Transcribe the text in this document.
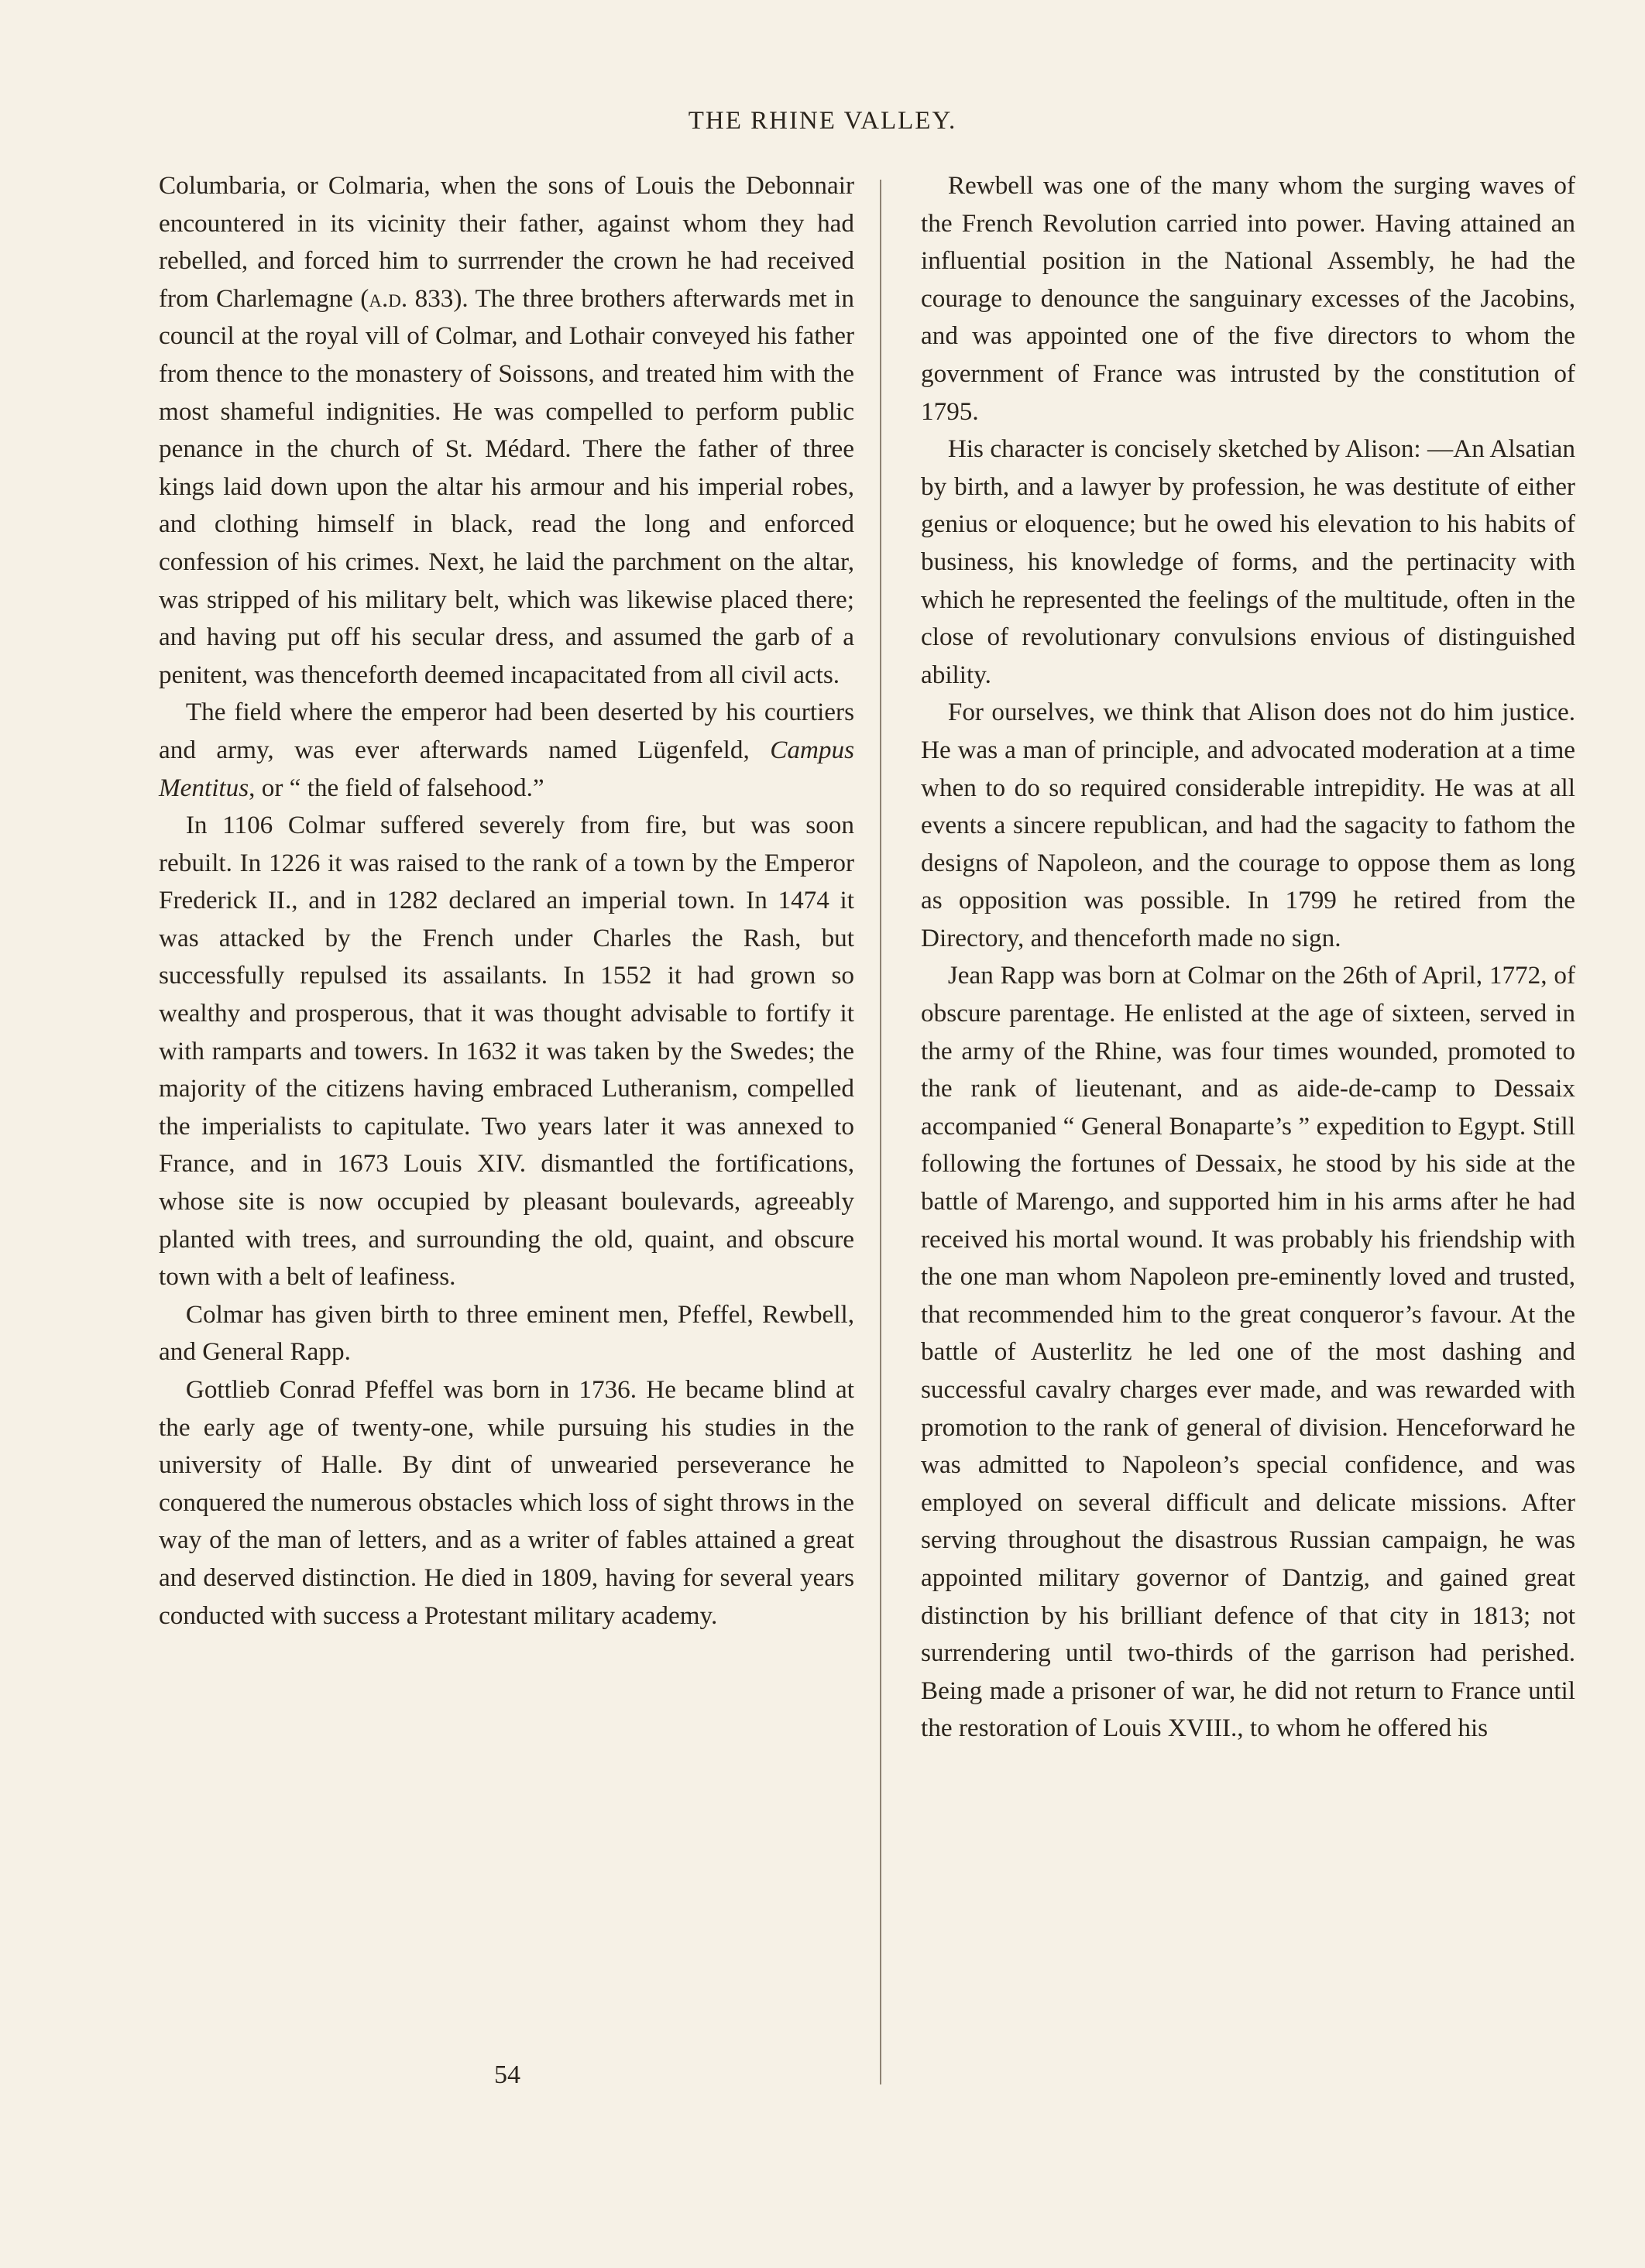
THE RHINE VALLEY.

Columbaria, or Colmaria, when the sons of Louis the Debonnair encountered in its vicinity their father, against whom they had rebelled, and forced him to surrrender the crown he had received from Charlemagne (a.d. 833). The three brothers afterwards met in council at the royal vill of Colmar, and Lothair conveyed his father from thence to the monastery of Soissons, and treated him with the most shameful indignities. He was compelled to perform public penance in the church of St. Médard. There the father of three kings laid down upon the altar his armour and his imperial robes, and clothing himself in black, read the long and enforced confession of his crimes. Next, he laid the parchment on the altar, was stripped of his military belt, which was likewise placed there; and having put off his secular dress, and assumed the garb of a penitent, was thenceforth deemed incapacitated from all civil acts.

The field where the emperor had been deserted by his courtiers and army, was ever afterwards named Lügenfeld, Campus Mentitus, or “ the field of falsehood.”

In 1106 Colmar suffered severely from fire, but was soon rebuilt. In 1226 it was raised to the rank of a town by the Emperor Frederick II., and in 1282 declared an imperial town. In 1474 it was attacked by the French under Charles the Rash, but successfully repulsed its assailants. In 1552 it had grown so wealthy and prosperous, that it was thought advisable to fortify it with ramparts and towers. In 1632 it was taken by the Swedes; the majority of the citizens having embraced Lutheranism, compelled the imperialists to capitulate. Two years later it was annexed to France, and in 1673 Louis XIV. dismantled the fortifications, whose site is now occupied by pleasant boulevards, agreeably planted with trees, and surrounding the old, quaint, and obscure town with a belt of leafiness.

Colmar has given birth to three eminent men, Pfeffel, Rewbell, and General Rapp.

Gottlieb Conrad Pfeffel was born in 1736. He became blind at the early age of twenty-one, while pursuing his studies in the university of Halle. By dint of unwearied perseverance he conquered the numerous obstacles which loss of sight throws in the way of the man of letters, and as a writer of fables attained a great and deserved distinction. He died in 1809, having for several years conducted with success a Protestant military academy.

Rewbell was one of the many whom the surging waves of the French Revolution carried into power. Having attained an influential position in the National Assembly, he had the courage to denounce the sanguinary excesses of the Jacobins, and was appointed one of the five directors to whom the government of France was intrusted by the constitution of 1795.

His character is concisely sketched by Alison: —An Alsatian by birth, and a lawyer by profession, he was destitute of either genius or eloquence; but he owed his elevation to his habits of business, his knowledge of forms, and the pertinacity with which he represented the feelings of the multitude, often in the close of revolutionary convulsions envious of distinguished ability.

For ourselves, we think that Alison does not do him justice. He was a man of principle, and advocated moderation at a time when to do so required considerable intrepidity. He was at all events a sincere republican, and had the sagacity to fathom the designs of Napoleon, and the courage to oppose them as long as opposition was possible. In 1799 he retired from the Directory, and thenceforth made no sign.

Jean Rapp was born at Colmar on the 26th of April, 1772, of obscure parentage. He enlisted at the age of sixteen, served in the army of the Rhine, was four times wounded, promoted to the rank of lieutenant, and as aide-de-camp to Dessaix accompanied “ General Bonaparte’s ” expedition to Egypt. Still following the fortunes of Dessaix, he stood by his side at the battle of Marengo, and supported him in his arms after he had received his mortal wound. It was probably his friendship with the one man whom Napoleon pre-eminently loved and trusted, that recommended him to the great conqueror’s favour. At the battle of Austerlitz he led one of the most dashing and successful cavalry charges ever made, and was rewarded with promotion to the rank of general of division. Henceforward he was admitted to Napoleon’s special confidence, and was employed on several difficult and delicate missions. After serving throughout the disastrous Russian campaign, he was appointed military governor of Dantzig, and gained great distinction by his brilliant defence of that city in 1813; not surrendering until two-thirds of the garrison had perished. Being made a prisoner of war, he did not return to France until the restoration of Louis XVIII., to whom he offered his

54
